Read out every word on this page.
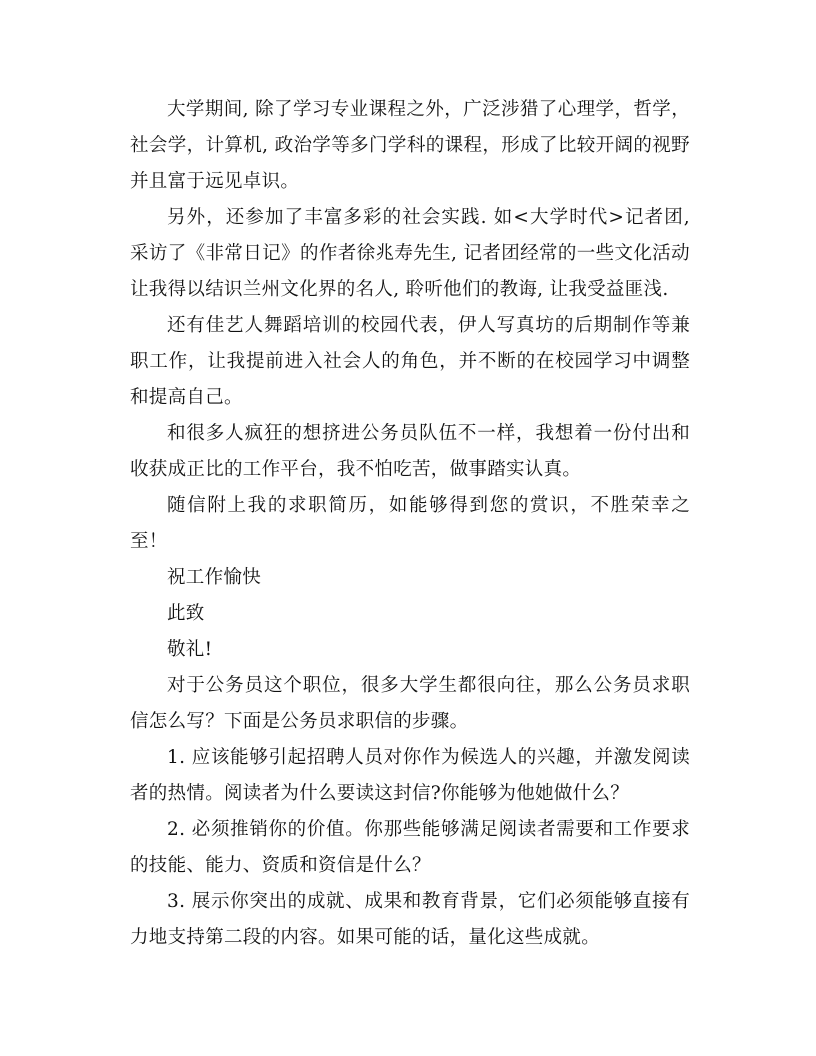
大学期间, 除了学习专业课程之外，广泛涉猎了心理学，哲学，社会学，计算机, 政治学等多门学科的课程，形成了比较开阔的视野并且富于远见卓识。

另外，还参加了丰富多彩的社会实践. 如<大学时代>记者团, 采访了《非常日记》的作者徐兆寿先生, 记者团经常的一些文化活动让我得以结识兰州文化界的名人, 聆听他们的教诲, 让我受益匪浅.

还有佳艺人舞蹈培训的校园代表，伊人写真坊的后期制作等兼职工作，让我提前进入社会人的角色，并不断的在校园学习中调整和提高自己。

和很多人疯狂的想挤进公务员队伍不一样，我想着一份付出和收获成正比的工作平台，我不怕吃苦，做事踏实认真。

随信附上我的求职简历，如能够得到您的赏识，不胜荣幸之至！

祝工作愉快

此致

敬礼!

对于公务员这个职位，很多大学生都很向往，那么公务员求职信怎么写？下面是公务员求职信的步骤。

1. 应该能够引起招聘人员对你作为候选人的兴趣，并激发阅读者的热情。阅读者为什么要读这封信?你能够为他她做什么？

2. 必须推销你的价值。你那些能够满足阅读者需要和工作要求的技能、能力、资质和资信是什么？

3. 展示你突出的成就、成果和教育背景，它们必须能够直接有力地支持第二段的内容。如果可能的话，量化这些成就。
